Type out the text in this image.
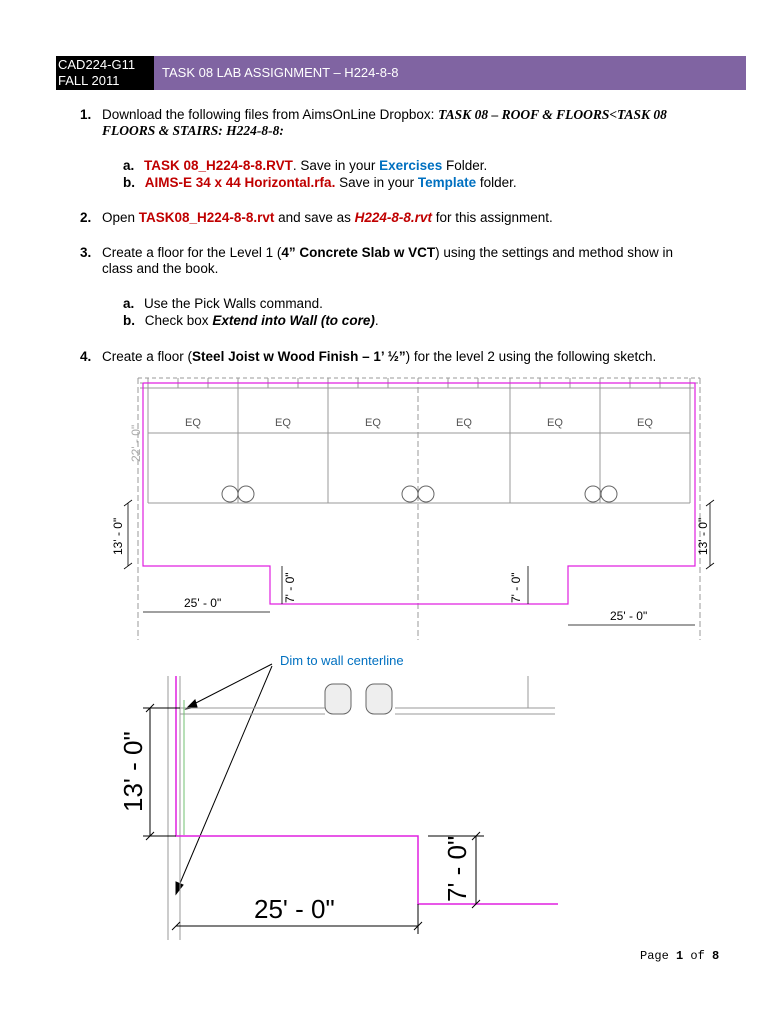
CAD224-G11
FALL 2011
TASK 08 LAB ASSIGNMENT – H224-8-8
1. Download the following files from AimsOnLine Dropbox: TASK 08 – ROOF & FLOORS<TASK 08
FLOORS & STAIRS: H224-8-8:
a. TASK 08_H224-8-8.RVT. Save in your Exercises Folder.
b. AIMS-E 34 x 44 Horizontal.rfa. Save in your Template folder.
2. Open TASK08_H224-8-8.rvt and save as H224-8-8.rvt for this assignment.
3. Create a floor for the Level 1 (4” Concrete Slab w VCT) using the settings and method show in
class and the book.
a. Use the Pick Walls command.
b. Check box Extend into Wall (to core).
4. Create a floor (Steel Joist w Wood Finish – 1’ ½”) for the level 2 using the following sketch.
EQ	EQ	EQ	EQ	EQ	EQ
22' - 0"
13' - 0"	13' - 0"
7' - 0"	7' - 0"
25' - 0"
25' - 0"
Dim to wall centerline
13' - 0"
7' - 0"
25' - 0"
Page 1 of 8
